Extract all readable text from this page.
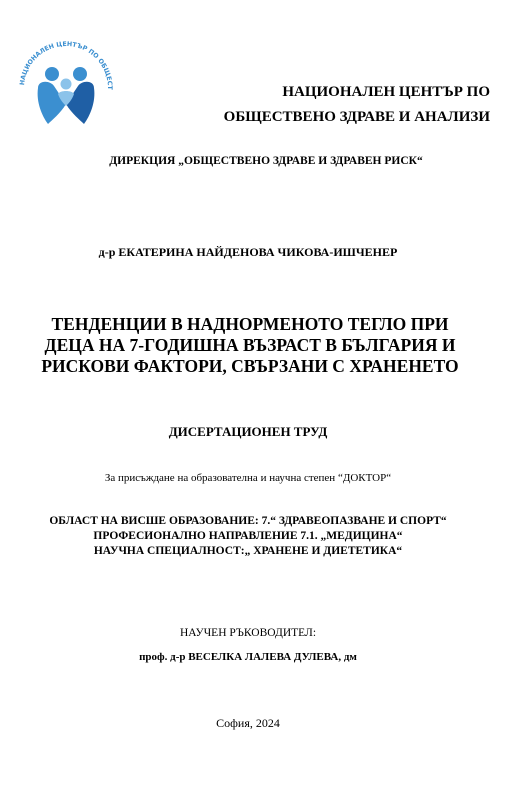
НАЦИОНАЛЕН ЦЕНТЪР ПО ОБЩЕСТ	НАЦИОНАЛЕН ЦЕНТЪР ПО
ОБЩЕСТВЕНО ЗДРАВЕ И АНАЛИЗИ
ДИРЕКЦИЯ „ОБЩЕСТВЕНО ЗДРАВЕ И ЗДРАВЕН РИСК“
д-р ЕКАТЕРИНА НАЙДЕНОВА ЧИКОВА-ИШЧЕНЕР
ТЕНДЕНЦИИ В НАДНОРМЕНОТО ТЕГЛО ПРИ
ДЕЦА НА 7-ГОДИШНА ВЪЗРАСТ В БЪЛГАРИЯ И
РИСКОВИ ФАКТОРИ, СВЪРЗАНИ С ХРАНЕНЕТО
ДИСЕРТАЦИОНЕН ТРУД
За присъждане на образователна и научна степен “ДОКТОР“
ОБЛАСТ НА ВИСШЕ ОБРАЗОВАНИЕ: 7.“ ЗДРАВЕОПАЗВАНЕ И СПОРТ“
ПРОФЕСИОНАЛНО НАПРАВЛЕНИЕ 7.1. „МЕДИЦИНА“
НАУЧНА СПЕЦИАЛНОСТ:„ ХРАНЕНЕ И ДИЕТЕТИКА“
НАУЧЕН РЪКОВОДИТЕЛ:
проф. д-р ВЕСЕЛКА ЛАЛЕВА ДУЛЕВА, дм
София, 2024
